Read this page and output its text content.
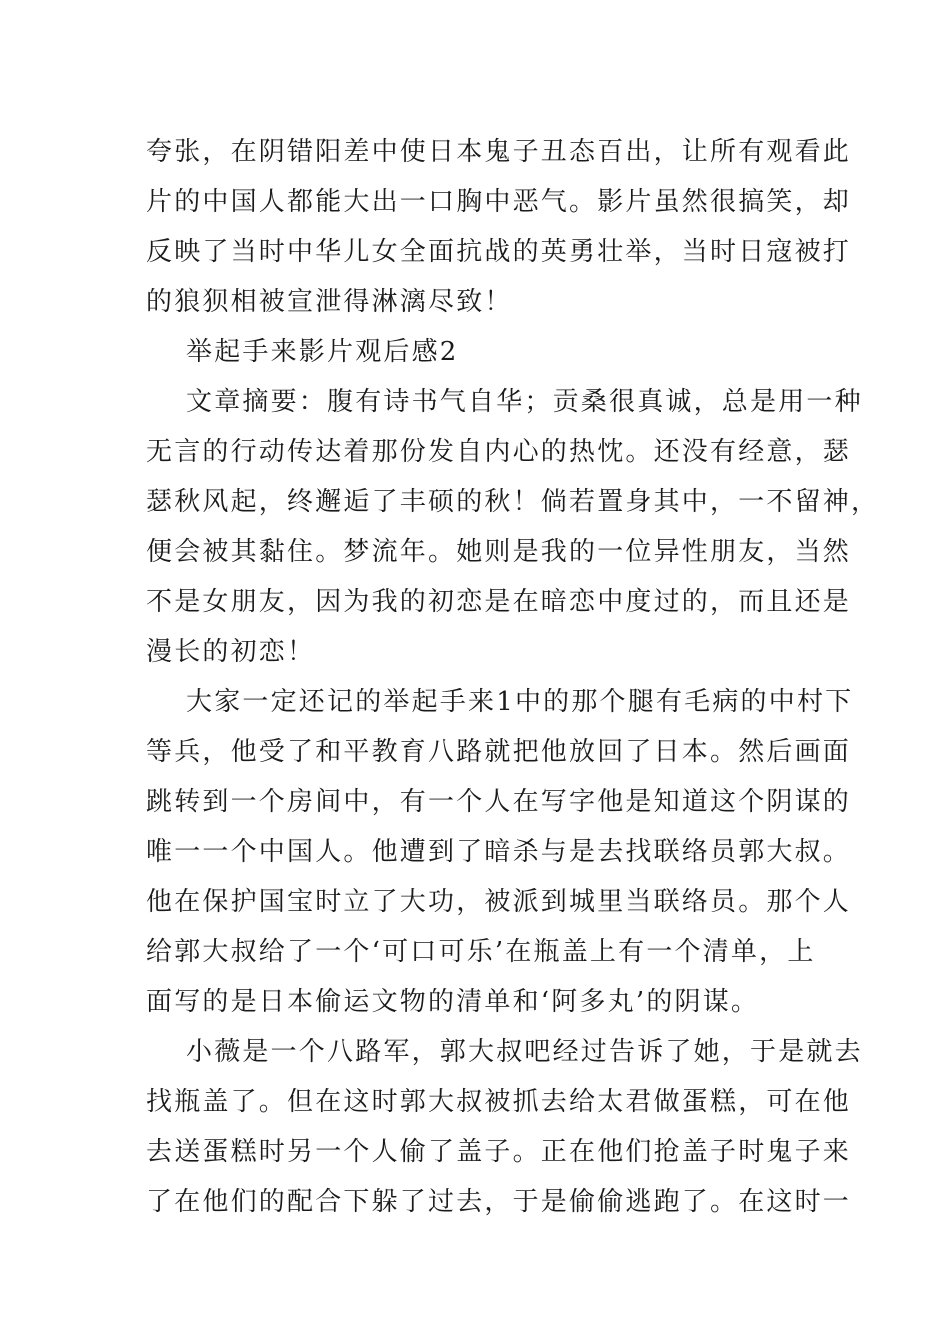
夸张，在阴错阳差中使日本鬼子丑态百出，让所有观看此
片的中国人都能大出一口胸中恶气。影片虽然很搞笑，却
反映了当时中华儿女全面抗战的英勇壮举，当时日寇被打
的狼狈相被宣泄得淋漓尽致！
举起手来影片观后感2
文章摘要：腹有诗书气自华；贡桑很真诚，总是用一种
无言的行动传达着那份发自内心的热忱。还没有经意，瑟
瑟秋风起，终邂逅了丰硕的秋！倘若置身其中，一不留神，
便会被其黏住。梦流年。她则是我的一位异性朋友，当然
不是女朋友，因为我的初恋是在暗恋中度过的，而且还是
漫长的初恋！
大家一定还记的举起手来1中的那个腿有毛病的中村下
等兵，他受了和平教育八路就把他放回了日本。然后画面
跳转到一个房间中，有一个人在写字他是知道这个阴谋的
唯一一个中国人。他遭到了暗杀与是去找联络员郭大叔。
他在保护国宝时立了大功，被派到城里当联络员。那个人
给郭大叔给了一个‘可口可乐’在瓶盖上有一个清单，上
面写的是日本偷运文物的清单和‘阿多丸’的阴谋。
小薇是一个八路军，郭大叔吧经过告诉了她，于是就去
找瓶盖了。但在这时郭大叔被抓去给太君做蛋糕，可在他
去送蛋糕时另一个人偷了盖子。正在他们抢盖子时鬼子来
了在他们的配合下躲了过去，于是偷偷逃跑了。在这时一
